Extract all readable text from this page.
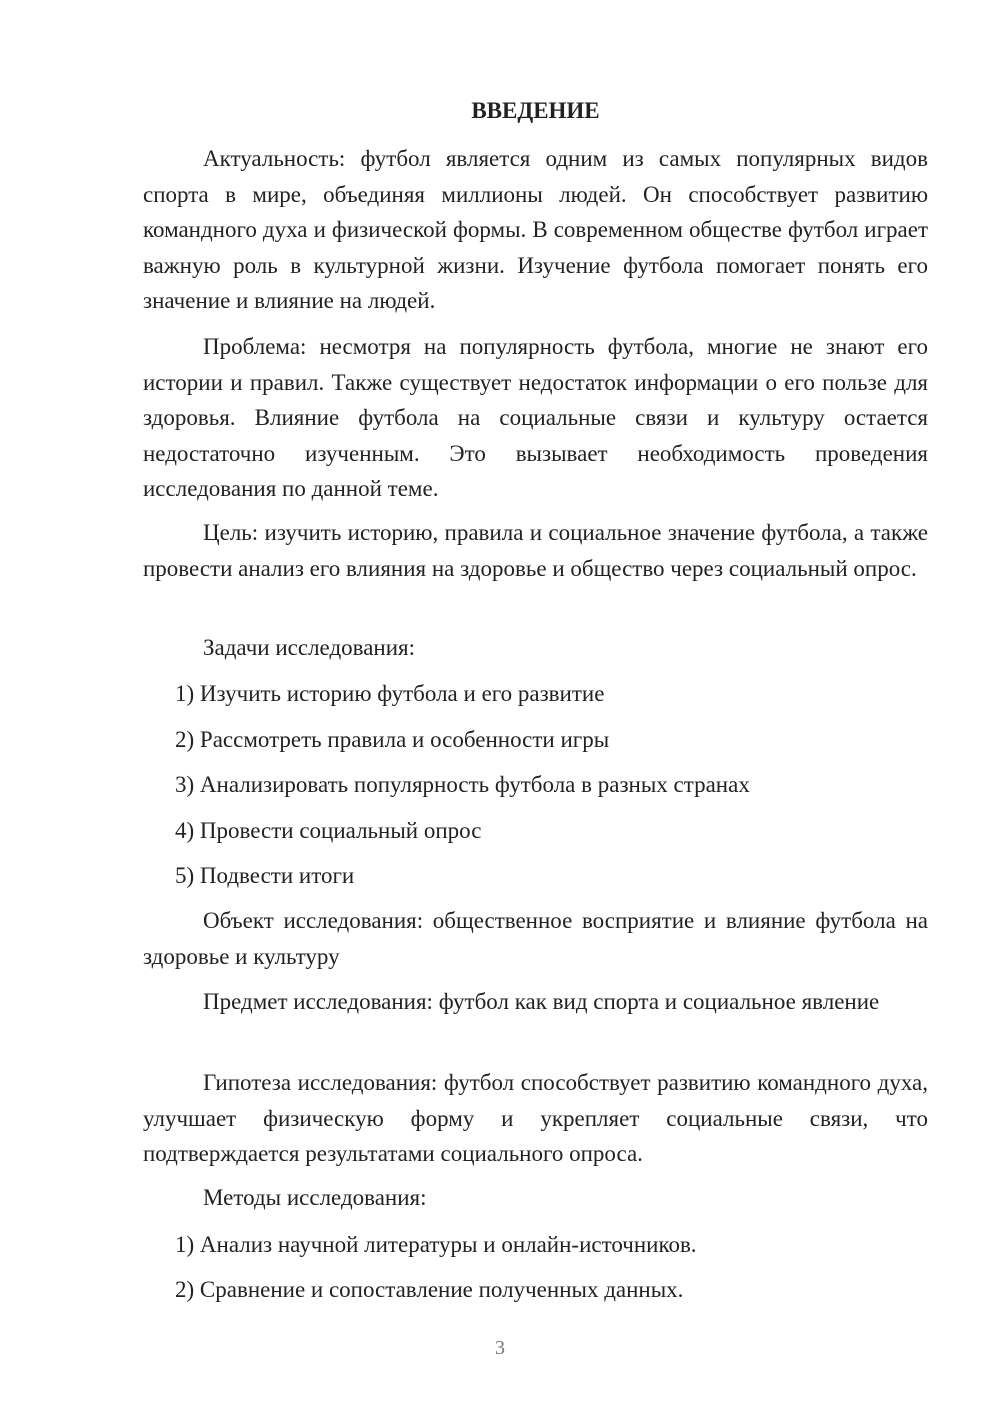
ВВЕДЕНИЕ

Актуальность: футбол является одним из самых популярных видов спорта в мире, объединяя миллионы людей. Он способствует развитию командного духа и физической формы. В современном обществе футбол играет важную роль в культурной жизни. Изучение футбола помогает понять его значение и влияние на людей.

Проблема: несмотря на популярность футбола, многие не знают его истории и правил. Также существует недостаток информации о его пользе для здоровья. Влияние футбола на социальные связи и культуру остается недостаточно изученным. Это вызывает необходимость проведения исследования по данной теме.

Цель: изучить историю, правила и социальное значение футбола, а также провести анализ его влияния на здоровье и общество через социальный опрос.

Задачи исследования:

1) Изучить историю футбола и его развитие
2) Рассмотреть правила и особенности игры
3) Анализировать популярность футбола в разных странах
4) Провести социальный опрос
5) Подвести итоги

Объект исследования: общественное восприятие и влияние футбола на здоровье и культуру

Предмет исследования: футбол как вид спорта и социальное явление

Гипотеза исследования: футбол способствует развитию командного духа, улучшает физическую форму и укрепляет социальные связи, что подтверждается результатами социального опроса.

Методы исследования:

1) Анализ научной литературы и онлайн-источников.
2) Сравнение и сопоставление полученных данных.
3
